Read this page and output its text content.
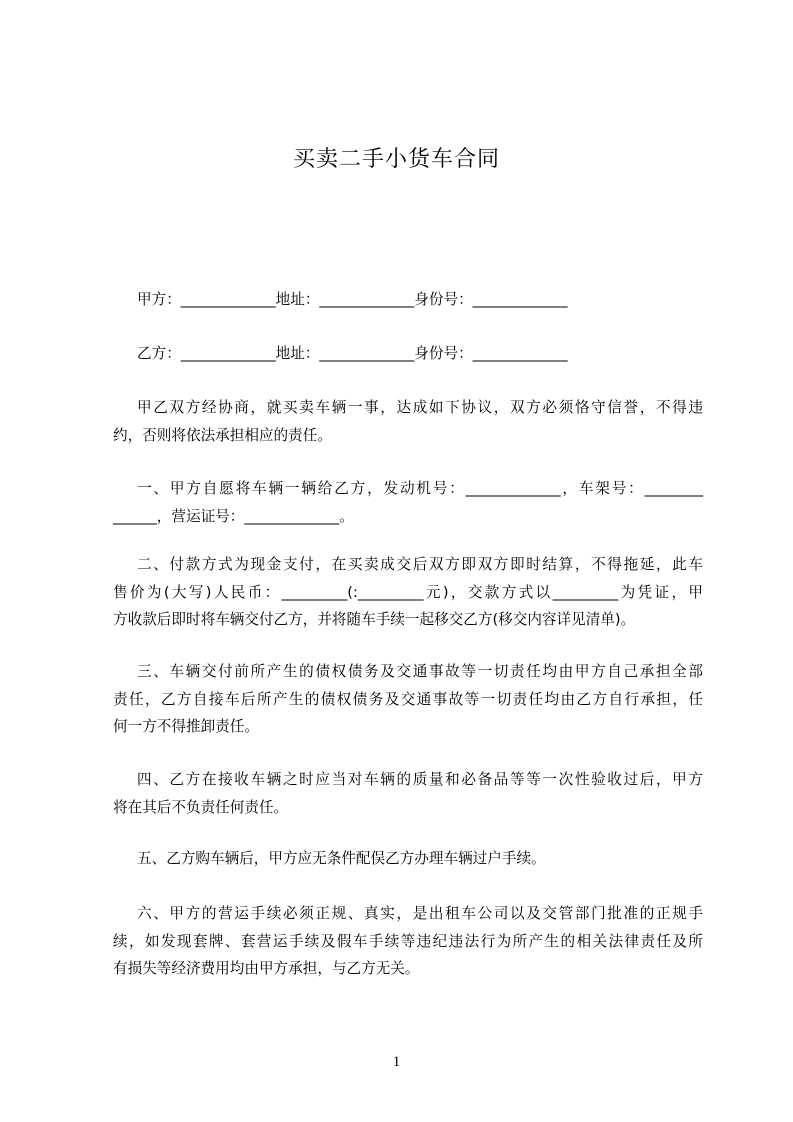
买卖二手小货车合同
甲方：_____________地址：_____________身份号：_____________
乙方：_____________地址：_____________身份号：_____________
甲乙双方经协商，就买卖车辆一事，达成如下协议，双方必须恪守信誉，不得违
约，否则将依法承担相应的责任。
一、甲方自愿将车辆一辆给乙方，发动机号：_____________，车架号：________
______，营运证号：_____________。
二、付款方式为现金支付，在买卖成交后双方即双方即时结算，不得拖延，此车
售价为(大写)人民币：_________(:_________元)，交款方式以_________为凭证，甲
方收款后即时将车辆交付乙方，并将随车手续一起移交乙方(移交内容详见清单)。
三、车辆交付前所产生的债权债务及交通事故等一切责任均由甲方自己承担全部
责任，乙方自接车后所产生的债权债务及交通事故等一切责任均由乙方自行承担，任
何一方不得推卸责任。
四、乙方在接收车辆之时应当对车辆的质量和必备品等等一次性验收过后，甲方
将在其后不负责任何责任。
五、乙方购车辆后，甲方应无条件配俣乙方办理车辆过户手续。
六、甲方的营运手续必须正规、真实，是出租车公司以及交管部门批准的正规手
续，如发现套牌、套营运手续及假车手续等违纪违法行为所产生的相关法律责任及所
有损失等经济费用均由甲方承担，与乙方无关。
1
